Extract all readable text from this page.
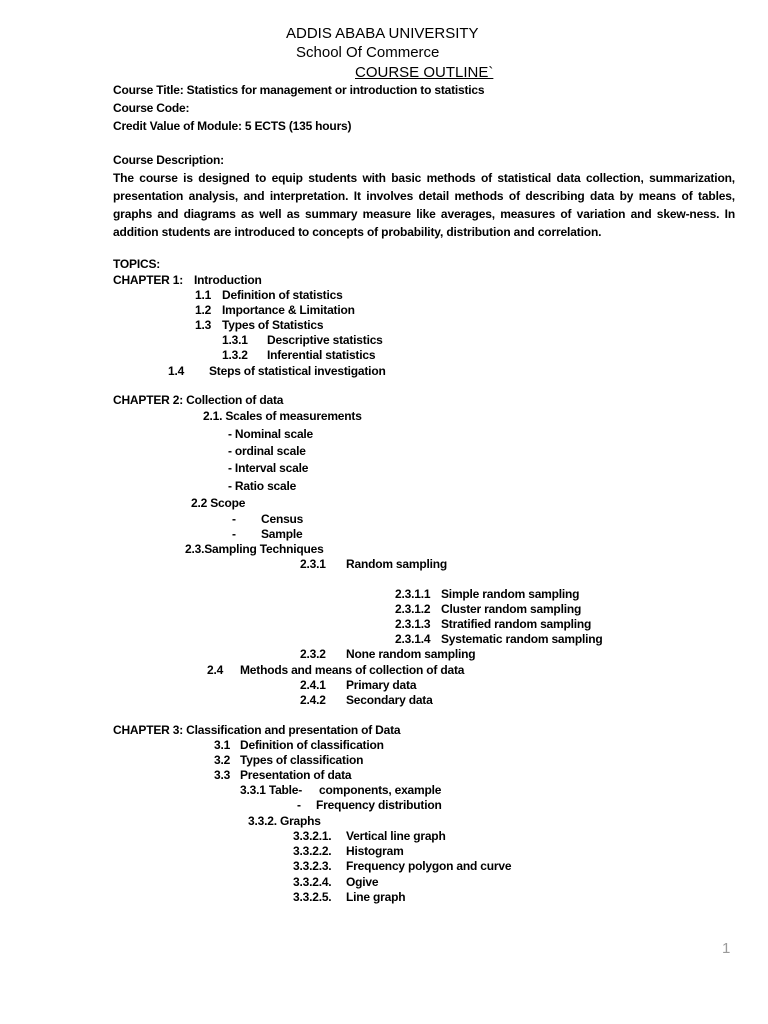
ADDIS ABABA UNIVERSITY
School Of Commerce
COURSE OUTLINE`
Course Title: Statistics for management or introduction to statistics
Course Code:
Credit Value of Module: 5 ECTS (135 hours)
Course Description:
The course is designed to equip students with basic methods of statistical data collection, summarization, presentation analysis, and interpretation. It involves detail methods of describing data by means of tables, graphs and diagrams as well as summary measure like averages, measures of variation and skew-ness. In addition students are introduced to concepts of probability, distribution and correlation.
TOPICS:
CHAPTER 1: Introduction
1.1 Definition of statistics
1.2 Importance & Limitation
1.3 Types of Statistics
1.3.1 Descriptive statistics
1.3.2 Inferential statistics
1.4 Steps of statistical investigation
CHAPTER 2: Collection of data
2.1. Scales of measurements
- Nominal scale
- ordinal scale
- Interval scale
- Ratio scale
2.2 Scope
- Census
- Sample
2.3.Sampling Techniques
2.3.1 Random sampling
2.3.1.1 Simple random sampling
2.3.1.2 Cluster random sampling
2.3.1.3 Stratified random sampling
2.3.1.4 Systematic random sampling
2.3.2 None random sampling
2.4 Methods and means of collection of data
2.4.1 Primary data
2.4.2 Secondary data
CHAPTER 3: Classification and presentation of Data
3.1 Definition of classification
3.2 Types of classification
3.3 Presentation of data
3.3.1 Table- components, example
- Frequency distribution
3.3.2. Graphs
3.3.2.1. Vertical line graph
3.3.2.2. Histogram
3.3.2.3. Frequency polygon and curve
3.3.2.4. Ogive
3.3.2.5. Line graph
1
